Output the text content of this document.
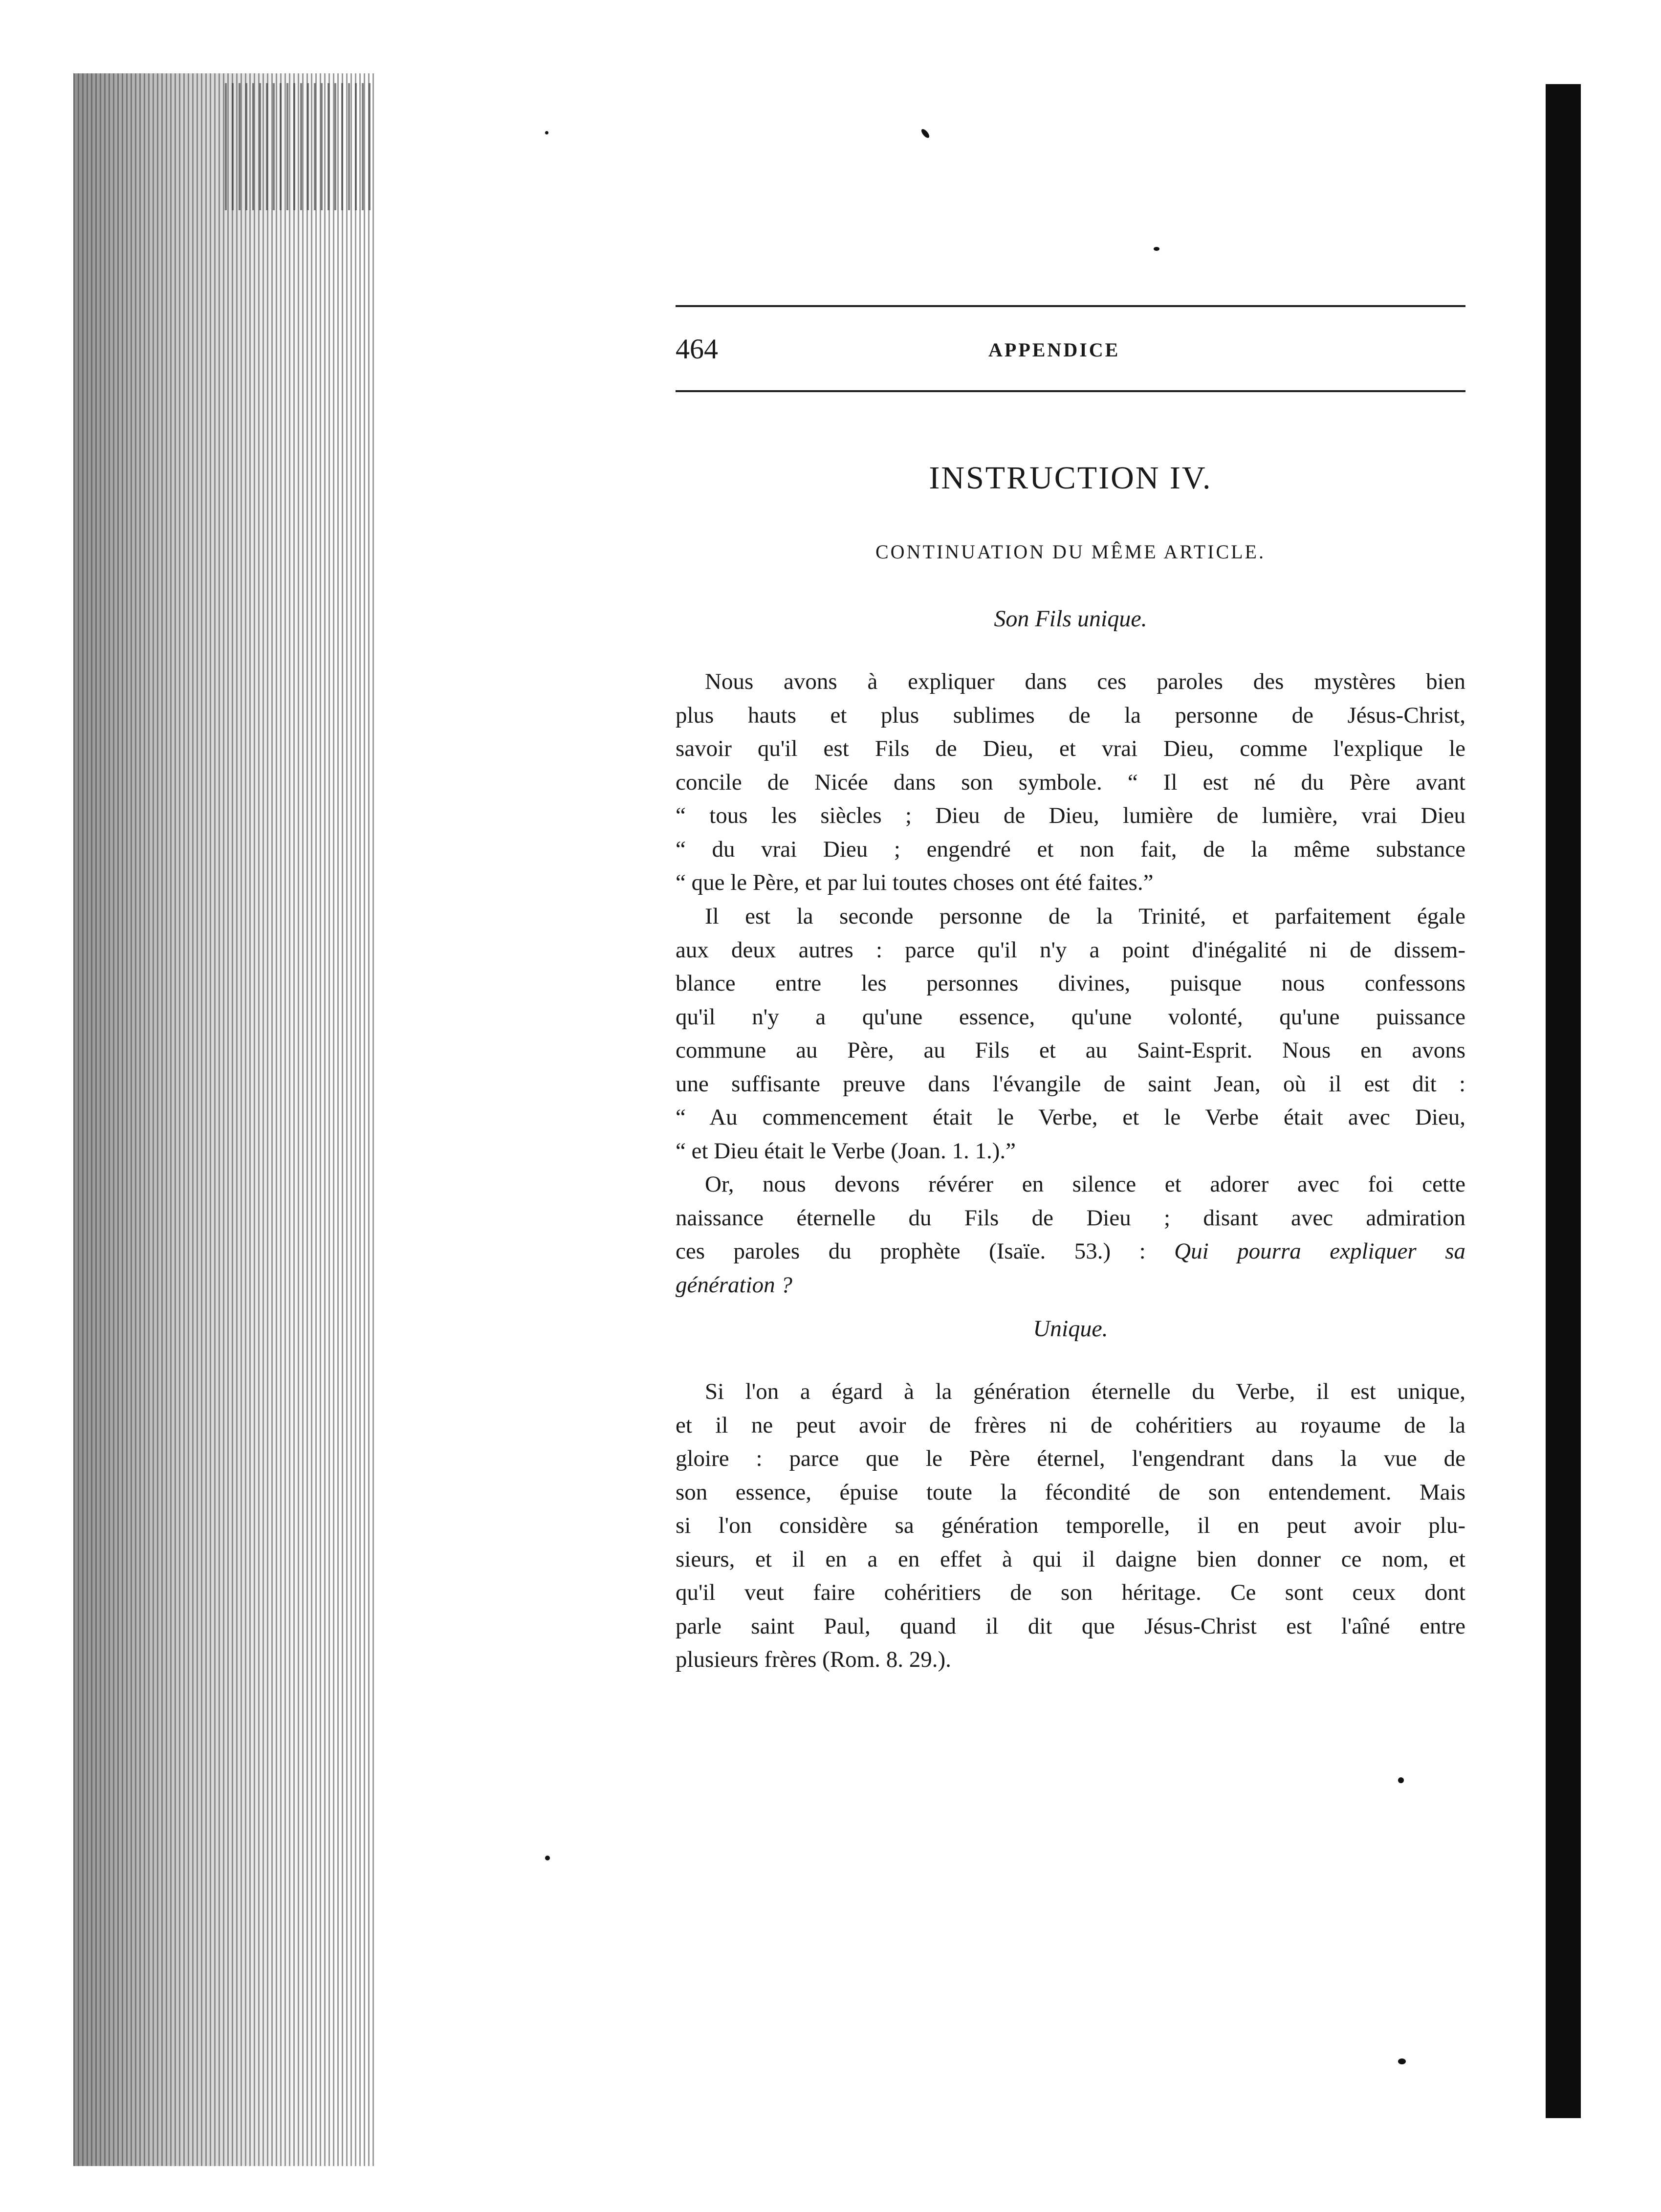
464	APPENDICE
INSTRUCTION IV.
CONTINUATION DU MÊME ARTICLE.
Son Fils unique.
Nous avons à expliquer dans ces paroles des mystères bien
plus hauts et plus sublimes de la personne de Jésus-Christ,
savoir qu'il est Fils de Dieu, et vrai Dieu, comme l'explique le
concile de Nicée dans son symbole. “ Il est né du Père avant
“ tous les siècles ; Dieu de Dieu, lumière de lumière, vrai Dieu
“ du vrai Dieu ; engendré et non fait, de la même substance
“ que le Père, et par lui toutes choses ont été faites.”
Il est la seconde personne de la Trinité, et parfaitement égale
aux deux autres : parce qu'il n'y a point d'inégalité ni de dissem-
blance entre les personnes divines, puisque nous confessons
qu'il n'y a qu'une essence, qu'une volonté, qu'une puissance
commune au Père, au Fils et au Saint-Esprit. Nous en avons
une suffisante preuve dans l'évangile de saint Jean, où il est dit :
“ Au commencement était le Verbe, et le Verbe était avec Dieu,
“ et Dieu était le Verbe (Joan. 1. 1.).”
Or, nous devons révérer en silence et adorer avec foi cette
naissance éternelle du Fils de Dieu ; disant avec admiration
ces paroles du prophète (Isaïe. 53.) : Qui pourra expliquer sa
génération ?
Unique.
Si l'on a égard à la génération éternelle du Verbe, il est unique,
et il ne peut avoir de frères ni de cohéritiers au royaume de la
gloire : parce que le Père éternel, l'engendrant dans la vue de
son essence, épuise toute la fécondité de son entendement. Mais
si l'on considère sa génération temporelle, il en peut avoir plu-
sieurs, et il en a en effet à qui il daigne bien donner ce nom, et
qu'il veut faire cohéritiers de son héritage. Ce sont ceux dont
parle saint Paul, quand il dit que Jésus-Christ est l'aîné entre
plusieurs frères (Rom. 8. 29.).
